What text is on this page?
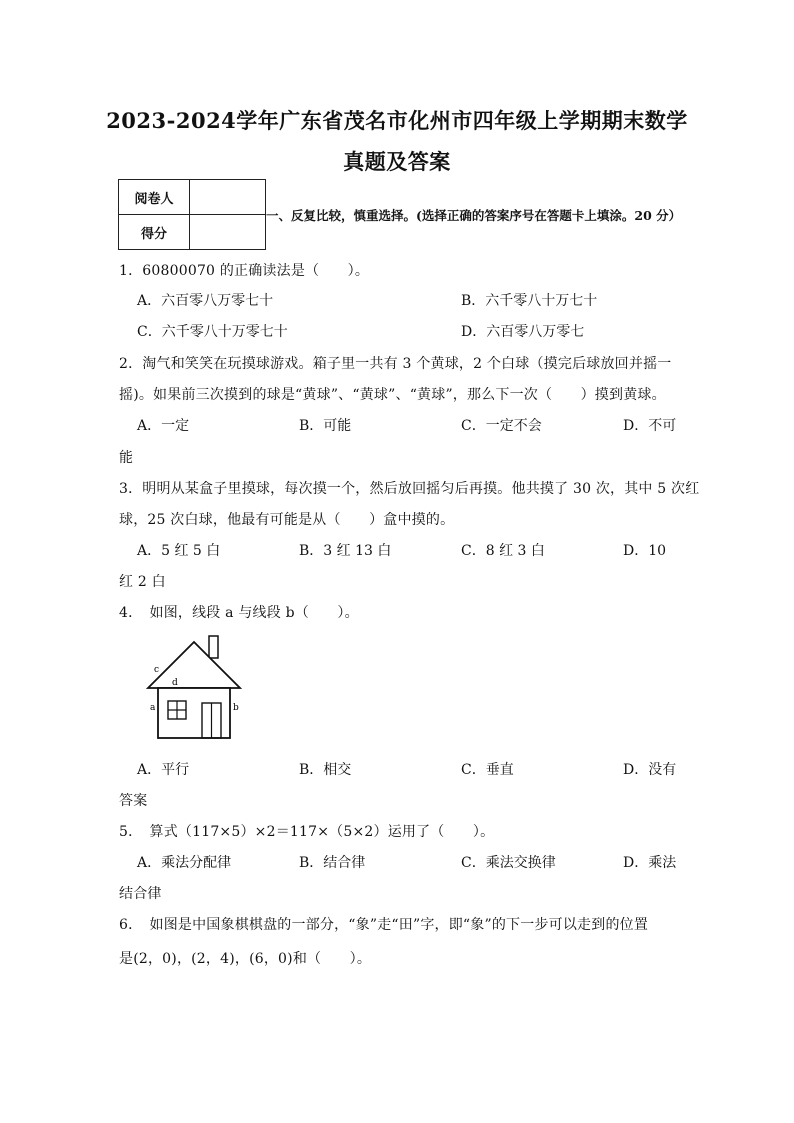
2023-2024学年广东省茂名市化州市四年级上学期期末数学
真题及答案
阅卷人	
得分	
一、反复比较，慎重选择。(选择正确的答案序号在答题卡上填涂。20 分）
1．60800070 的正确读法是（　　）。
A．六百零八万零七十	B．六千零八十万七十
C．六千零八十万零七十	D．六百零八万零七
2．淘气和笑笑在玩摸球游戏。箱子里一共有 3 个黄球，2 个白球（摸完后球放回并摇一
摇)。如果前三次摸到的球是“黄球”、“黄球”、“黄球”，那么下一次（　　）摸到黄球。
A．一定	B．可能	C．一定不会	D．不可
能
3．明明从某盒子里摸球，每次摸一个，然后放回摇匀后再摸。他共摸了 30 次，其中 5 次红
球，25 次白球，他最有可能是从（　　）盒中摸的。
A．5 红 5 白	B．3 红 13 白	C．8 红 3 白	D．10
红 2 白
4．　如图，线段 a 与线段 b（　　）。
c
d
a	b
A．平行	B．相交	C．垂直	D．没有
答案
5．　算式（117×5）×2＝117×（5×2）运用了（　　）。
A．乘法分配律	B．结合律	C．乘法交换律	D．乘法
结合律
6．　如图是中国象棋棋盘的一部分，“象”走“田”字，即“象”的下一步可以走到的位置
是(2，0)，(2，4)，(6，0)和（　　）。
